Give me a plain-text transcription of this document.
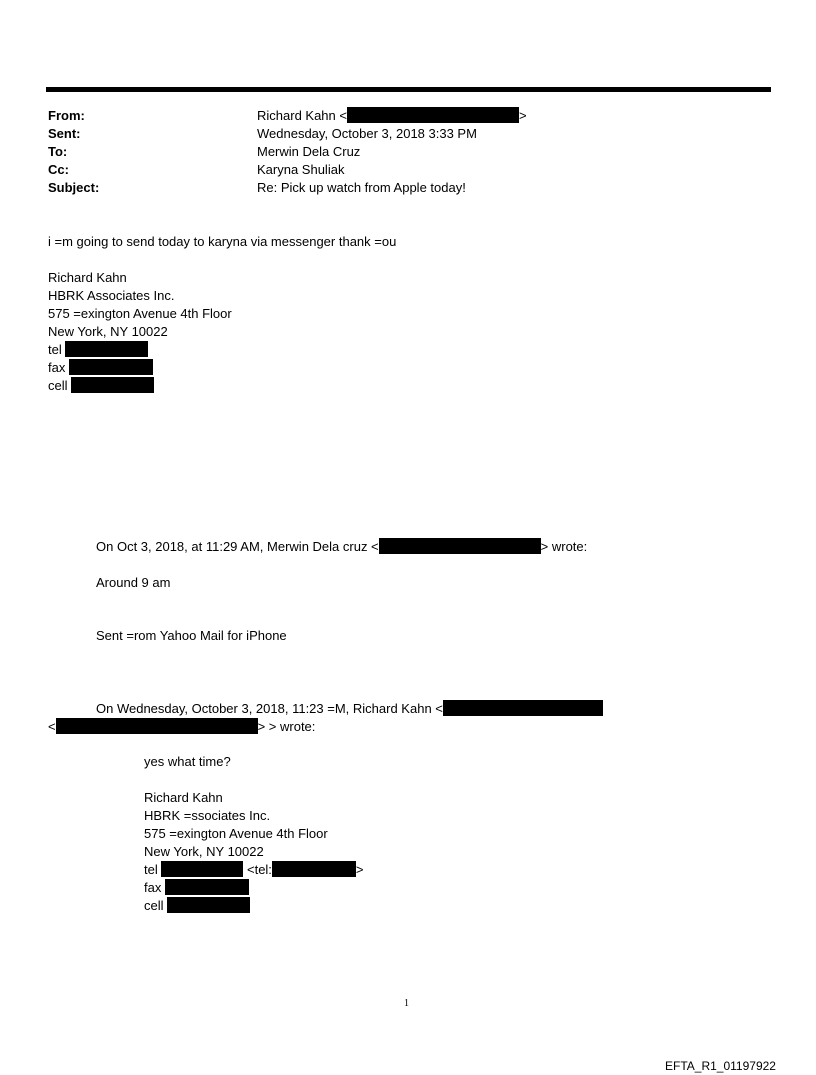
From:	Richard Kahn <	>
Sent:	Wednesday, October 3, 2018 3:33 PM
To:	Merwin Dela Cruz
Cc:	Karyna Shuliak
Subject:	Re: Pick up watch from Apple today!
i =m going to send today to karyna via messenger thank =ou
Richard Kahn
HBRK Associates Inc.
575 =exington Avenue 4th Floor
New York, NY 10022
tel
fax
cell
On Oct 3, 2018, at 11:29 AM, Merwin Dela cruz <	> wrote:
Around 9 am
Sent =rom Yahoo Mail for iPhone
On Wednesday, October 3, 2018, 11:23 =M, Richard Kahn <
<	> > wrote:
yes what time?
Richard Kahn
HBRK =ssociates Inc.
575 =exington Avenue 4th Floor
New York, NY 10022
tel	<tel:	>
fax
cell
1
EFTA_R1_01197922
